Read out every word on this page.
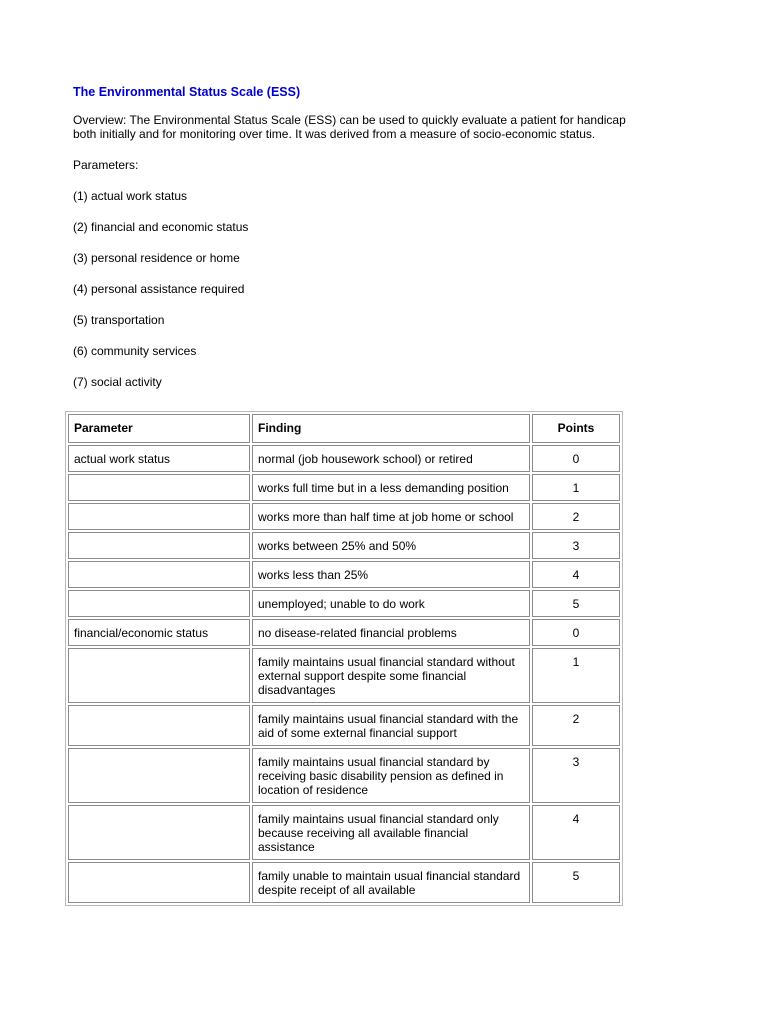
The Environmental Status Scale (ESS)

Overview: The Environmental Status Scale (ESS) can be used to quickly evaluate a patient for handicap
both initially and for monitoring over time. It was derived from a measure of socio-economic status.

Parameters:

(1) actual work status

(2) financial and economic status

(3) personal residence or home

(4) personal assistance required

(5) transportation

(6) community services

(7) social activity

Parameter	Finding	Points
actual work status	normal (job housework school) or retired	0
	works full time but in a less demanding position	1
	works more than half time at job home or school	2
	works between 25% and 50%	3
	works less than 25%	4
	unemployed; unable to do work	5
financial/economic status	no disease-related financial problems	0
	family maintains usual financial standard without external support despite some financial disadvantages	1
	family maintains usual financial standard with the aid of some external financial support	2
	family maintains usual financial standard by receiving basic disability pension as defined in location of residence	3
	family maintains usual financial standard only because receiving all available financial assistance	4
	family unable to maintain usual financial standard despite receipt of all available	5
